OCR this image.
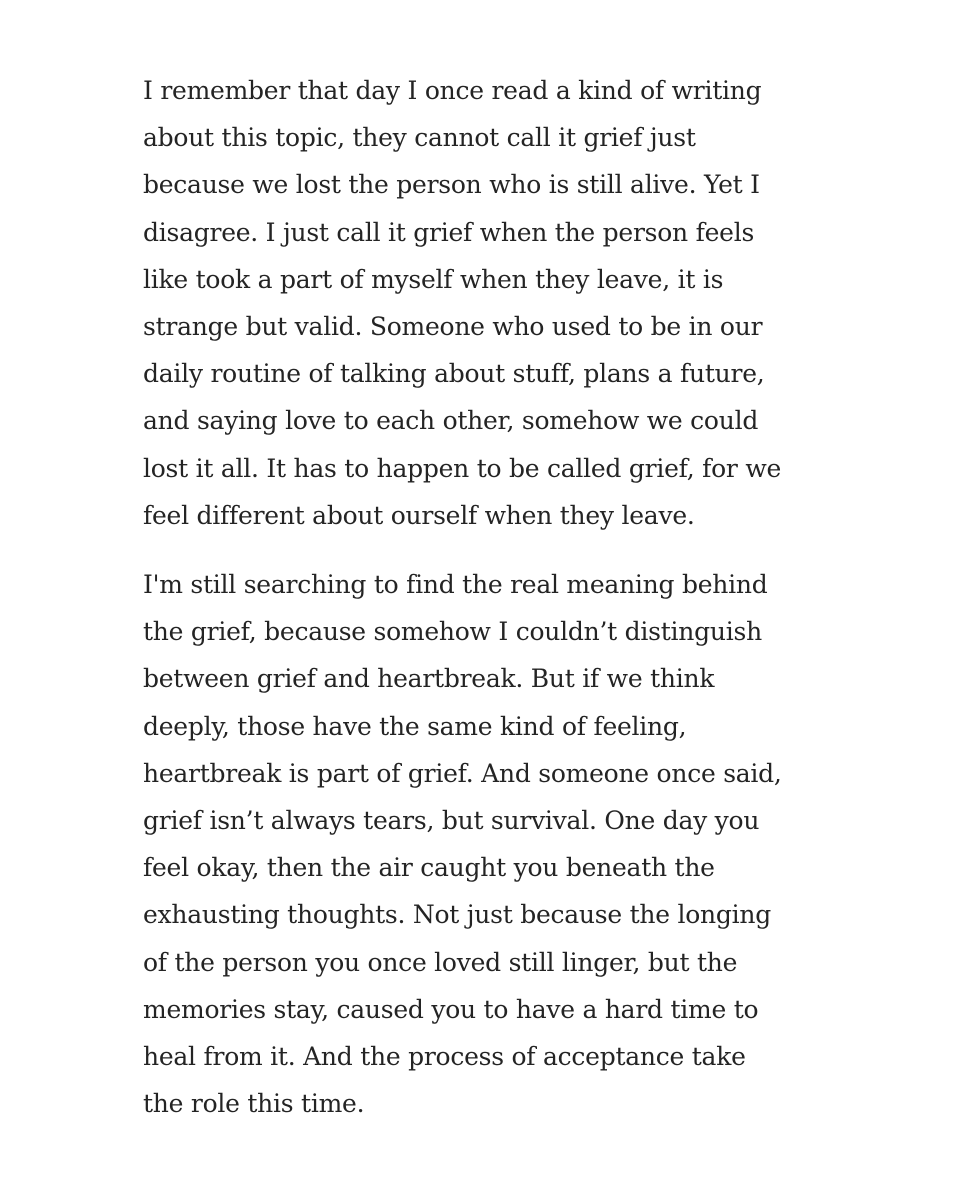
I remember that day I once read a kind of writing
about this topic, they cannot call it grief just
because we lost the person who is still alive. Yet I
disagree. I just call it grief when the person feels
like took a part of myself when they leave, it is
strange but valid. Someone who used to be in our
daily routine of talking about stuff, plans a future,
and saying love to each other, somehow we could
lost it all. It has to happen to be called grief, for we
feel different about ourself when they leave.
I'm still searching to find the real meaning behind
the grief, because somehow I couldn’t distinguish
between grief and heartbreak. But if we think
deeply, those have the same kind of feeling,
heartbreak is part of grief. And someone once said,
grief isn’t always tears, but survival. One day you
feel okay, then the air caught you beneath the
exhausting thoughts. Not just because the longing
of the person you once loved still linger, but the
memories stay, caused you to have a hard time to
heal from it. And the process of acceptance take
the role this time.
